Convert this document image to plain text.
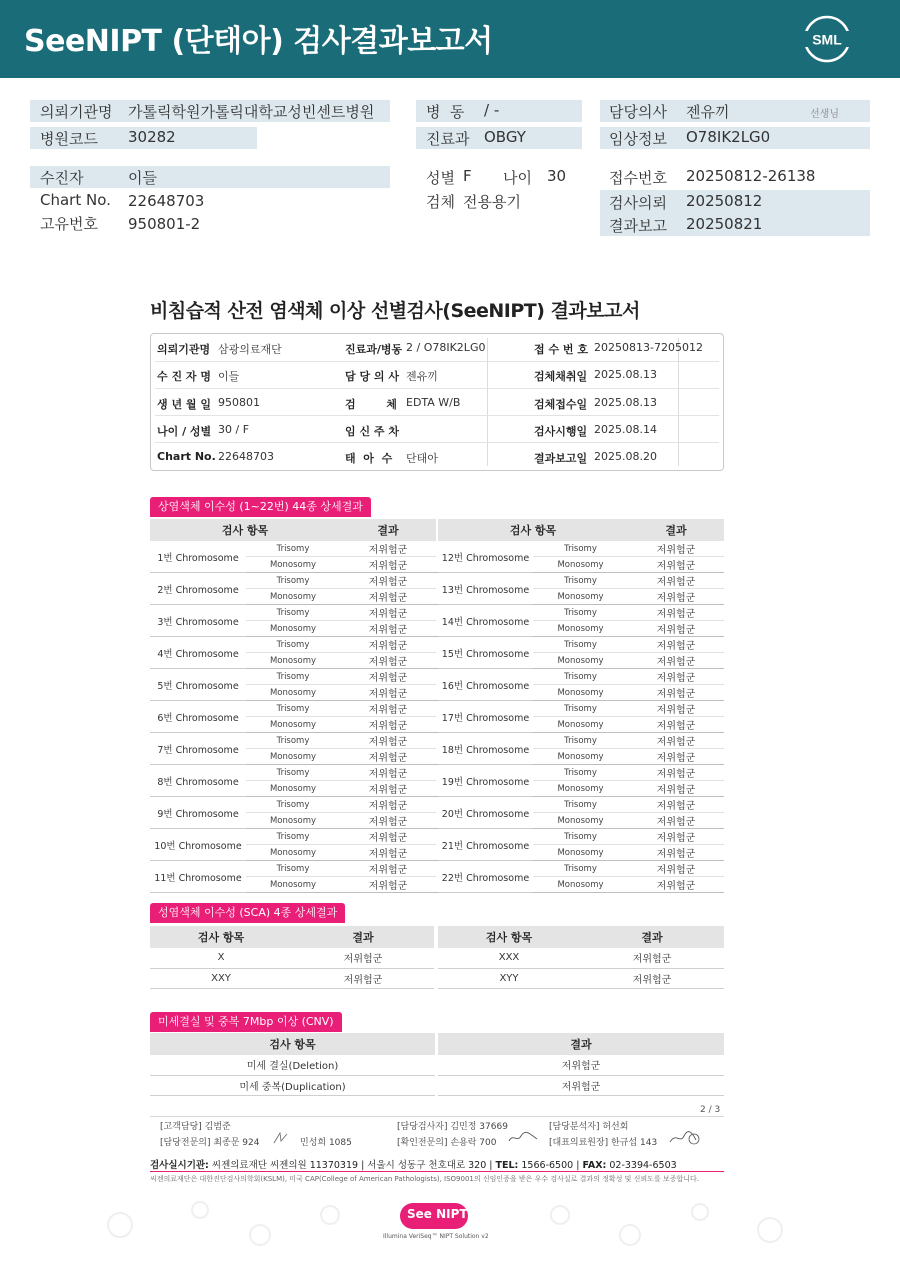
SeeNIPT (단태아) 검사결과보고서	SML
의뢰기관명 가톨릭학원가톨릭대학교성빈센트병원
병원코드 30282
병  동 / -
진료과 OBGY
담당의사 젠유끼	선생님
임상정보 O78IK2LG0
수진자	이들
Chart No. 22648703
고유번호 950801-2
성별 F 나이 30
검체 전용용기
접수번호 20250812-26138
검사의뢰 20250812
결과보고 20250821
비침습적 산전 염색체 이상 선별검사(SeeNIPT) 결과보고서
의뢰기관명 삼광의료재단	진료과/병동 2 / O78IK2LG0	접 수 번 호 20250813-7205012
수 진 자 명 이들	담 당 의 사 젠유끼	검체채취일 2025.08.13
생 년 월 일 950801	검        체 EDTA W/B	검체접수일 2025.08.13
나이 / 성별 30 / F	임 신 주 차	검사시행일 2025.08.14
Chart No. 22648703	태  아  수 단태아	결과보고일 2025.08.20
상염색체 이수성 (1~22번) 44종 상세결과
검사 항목		결과		검사 항목		결과
1번 Chromosome	Trisomy	저위험군		12번 Chromosome	Trisomy	저위험군
	Monosomy	저위험군			Monosomy	저위험군
2번 Chromosome	Trisomy	저위험군		13번 Chromosome	Trisomy	저위험군
	Monosomy	저위험군			Monosomy	저위험군
3번 Chromosome	Trisomy	저위험군		14번 Chromosome	Trisomy	저위험군
	Monosomy	저위험군			Monosomy	저위험군
4번 Chromosome	Trisomy	저위험군		15번 Chromosome	Trisomy	저위험군
	Monosomy	저위험군			Monosomy	저위험군
5번 Chromosome	Trisomy	저위험군		16번 Chromosome	Trisomy	저위험군
	Monosomy	저위험군			Monosomy	저위험군
6번 Chromosome	Trisomy	저위험군		17번 Chromosome	Trisomy	저위험군
	Monosomy	저위험군			Monosomy	저위험군
7번 Chromosome	Trisomy	저위험군		18번 Chromosome	Trisomy	저위험군
	Monosomy	저위험군			Monosomy	저위험군
8번 Chromosome	Trisomy	저위험군		19번 Chromosome	Trisomy	저위험군
	Monosomy	저위험군			Monosomy	저위험군
9번 Chromosome	Trisomy	저위험군		20번 Chromosome	Trisomy	저위험군
	Monosomy	저위험군			Monosomy	저위험군
10번 Chromosome	Trisomy	저위험군		21번 Chromosome	Trisomy	저위험군
	Monosomy	저위험군			Monosomy	저위험군
11번 Chromosome	Trisomy	저위험군		22번 Chromosome	Trisomy	저위험군
	Monosomy	저위험군			Monosomy	저위험군
성염색체 이수성 (SCA) 4종 상세결과
검사 항목	결과		검사 항목	결과
X	저위험군		XXX	저위험군
XXY	저위험군		XYY	저위험군
미세결실 및 중복 7Mbp 이상 (CNV)
검사 항목		결과
미세 결실(Deletion)		저위험군
미세 중복(Duplication)		저위험군
2 / 3
[고객담당] 김범준	[담당검사자] 김민정 37669	[담당분석자] 허선회
[담당전문의] 최종문 924	민성희 1085	[확인전문의] 손용락 700	[대표의료원장] 한규섭 143
검사실시기관: 씨젠의료재단 씨젠의원 11370319 | 서울시 성동구 천호대로 320 | TEL: 1566-6500 | FAX: 02-3394-6503
씨젠의료재단은 대한진단검사의학회(KSLM), 미국 CAP(College of American Pathologists), ISO9001의 신임인증을 받은 우수 검사실로 결과의 정확성 및 신뢰도를 보증합니다.
See NIPT
Illumina VeriSeq™ NIPT Solution v2
